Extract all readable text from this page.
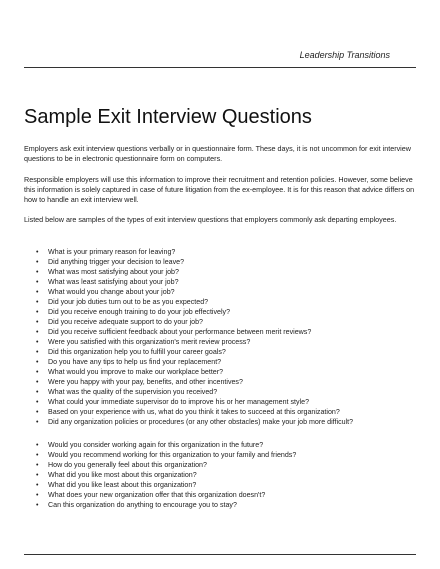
Leadership Transitions
Sample Exit Interview Questions

Employers ask exit interview questions verbally or in questionnaire form. These days, it is not uncommon for exit interview questions to be in electronic questionnaire form on computers.

Responsible employers will use this information to improve their recruitment and retention policies. However, some believe this information is solely captured in case of future litigation from the ex-employee. It is for this reason that advice differs on how to handle an exit interview well.

Listed below are samples of the types of exit interview questions that employers commonly ask departing employees.

• What is your primary reason for leaving?
• Did anything trigger your decision to leave?
• What was most satisfying about your job?
• What was least satisfying about your job?
• What would you change about your job?
• Did your job duties turn out to be as you expected?
• Did you receive enough training to do your job effectively?
• Did you receive adequate support to do your job?
• Did you receive sufficient feedback about your performance between merit reviews?
• Were you satisfied with this organization's merit review process?
• Did this organization help you to fulfill your career goals?
• Do you have any tips to help us find your replacement?
• What would you improve to make our workplace better?
• Were you happy with your pay, benefits, and other incentives?
• What was the quality of the supervision you received?
• What could your immediate supervisor do to improve his or her management style?
• Based on your experience with us, what do you think it takes to succeed at this organization?
• Did any organization policies or procedures (or any other obstacles) make your job more difficult?
• Would you consider working again for this organization in the future?
• Would you recommend working for this organization to your family and friends?
• How do you generally feel about this organization?
• What did you like most about this organization?
• What did you like least about this organization?
• What does your new organization offer that this organization doesn't?
• Can this organization do anything to encourage you to stay?
